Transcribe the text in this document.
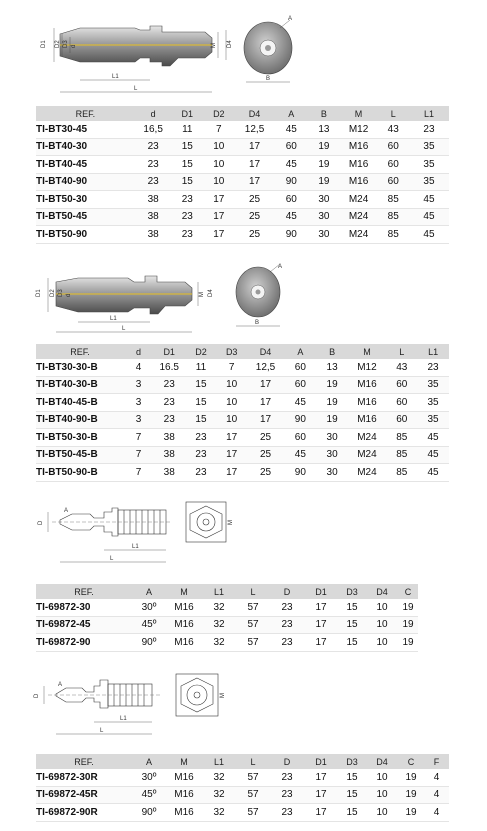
D1 D2 D3 d	M D4
L1
L
A
B
REF.	d	D1	D2	D4	A	B	M	L	L1
TI-BT30-45	16,5	11	7	12,5	45	13	M12	43	23
TI-BT40-30	23	15	10	17	60	19	M16	60	35
TI-BT40-45	23	15	10	17	45	19	M16	60	35
TI-BT40-90	23	15	10	17	90	19	M16	60	35
TI-BT50-30	38	23	17	25	60	30	M24	85	45
TI-BT50-45	38	23	17	25	45	30	M24	85	45
TI-BT50-90	38	23	17	25	90	30	M24	85	45
D1 D2 D3 d	M D4
L1
L
A
B
REF.	d	D1	D2	D3	D4	A	B	M	L	L1
TI-BT30-30-B	4	16.5	11	7	12,5	60	13	M12	43	23
TI-BT40-30-B	3	23	15	10	17	60	19	M16	60	35
TI-BT40-45-B	3	23	15	10	17	45	19	M16	60	35
TI-BT40-90-B	3	23	15	10	17	90	19	M16	60	35
TI-BT50-30-B	7	38	23	17	25	60	30	M24	85	45
TI-BT50-45-B	7	38	23	17	25	45	30	M24	85	45
TI-BT50-90-B	7	38	23	17	25	90	30	M24	85	45
D
L1
L
A
M
REF.	A	M	L1	L	D	D1	D3	D4	C
TI-69872-30	30º	M16	32	57	23	17	15	10	19
TI-69872-45	45º	M16	32	57	23	17	15	10	19
TI-69872-90	90º	M16	32	57	23	17	15	10	19
D
L1
L
A
M
REF.	A	M	L1	L	D	D1	D3	D4	C	F
TI-69872-30R	30º	M16	32	57	23	17	15	10	19	4
TI-69872-45R	45º	M16	32	57	23	17	15	10	19	4
TI-69872-90R	90º	M16	32	57	23	17	15	10	19	4
